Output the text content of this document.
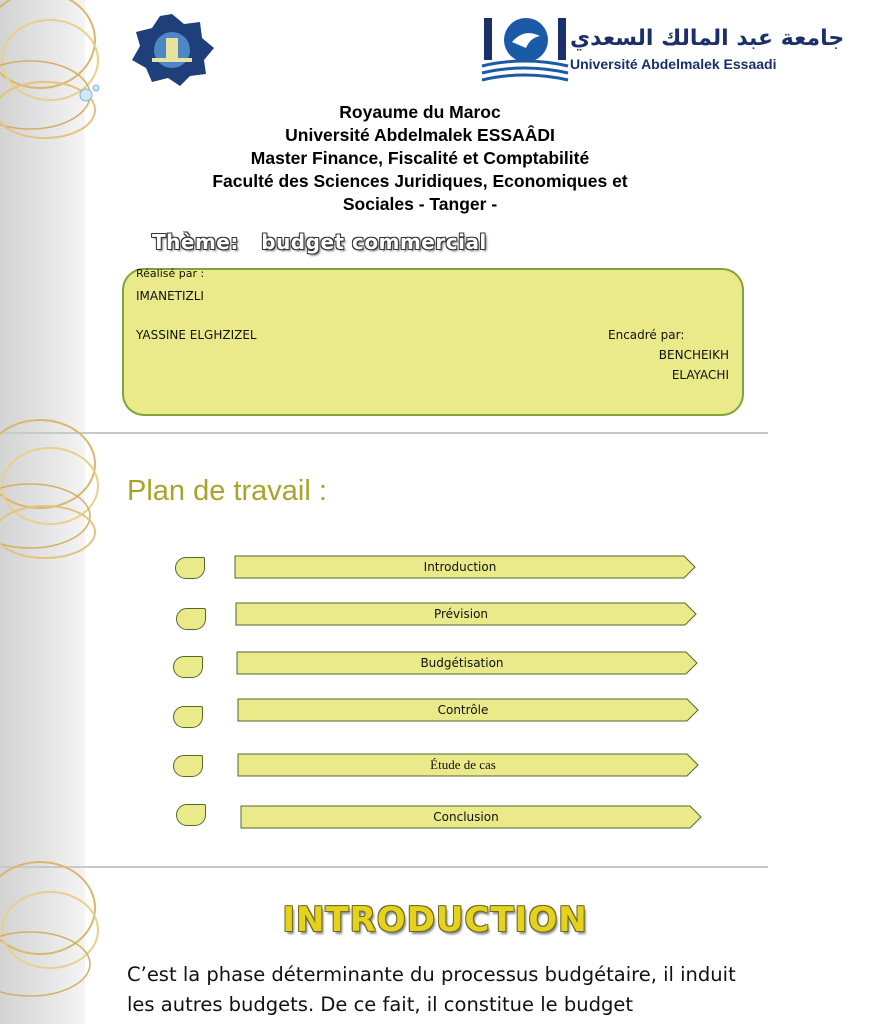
FAJES TANGER
جامعة عبد المالك السعدي
Université Abdelmalek Essaadi
Royaume du Maroc
Université Abdelmalek ESSAÂDI
Master Finance, Fiscalité et Comptabilité
Faculté des Sciences Juridiques, Economiques et
Sociales - Tanger -
Thème: budget commercial
Réalisé par :
IMANETIZLI
YASSINE ELGHZIZEL	Encadré par:
BENCHEIKH
ELAYACHI
Plan de travail :
Introduction
Prévision
Budgétisation
Contrôle
Étude de cas
Conclusion
INTRODUCTION
C’est la phase déterminante du processus budgétaire, il induit les autres budgets. De ce fait, il constitue le budget
